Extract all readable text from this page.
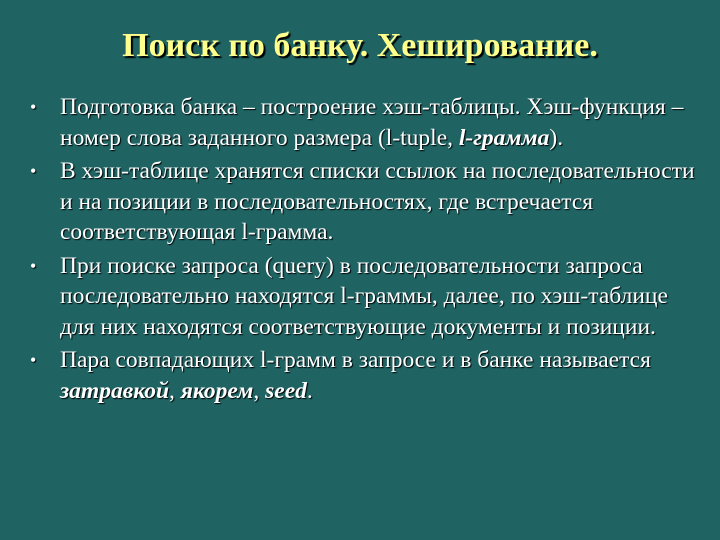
Поиск по банку. Хеширование.
•	Подготовка банка – построение хэш-таблицы. Хэш-функция – номер слова заданного размера (l-tuple, l-грамма).
•	В хэш-таблице хранятся списки ссылок на последовательности и на позиции в последовательностях, где встречается соответствующая l-грамма.
•	При поиске запроса (query) в последовательности запроса последовательно находятся l-граммы, далее, по хэш-таблице для них находятся соответствующие документы и позиции.
•	Пара совпадающих l-грамм в запросе и в банке называется затравкой, якорем, seed.
